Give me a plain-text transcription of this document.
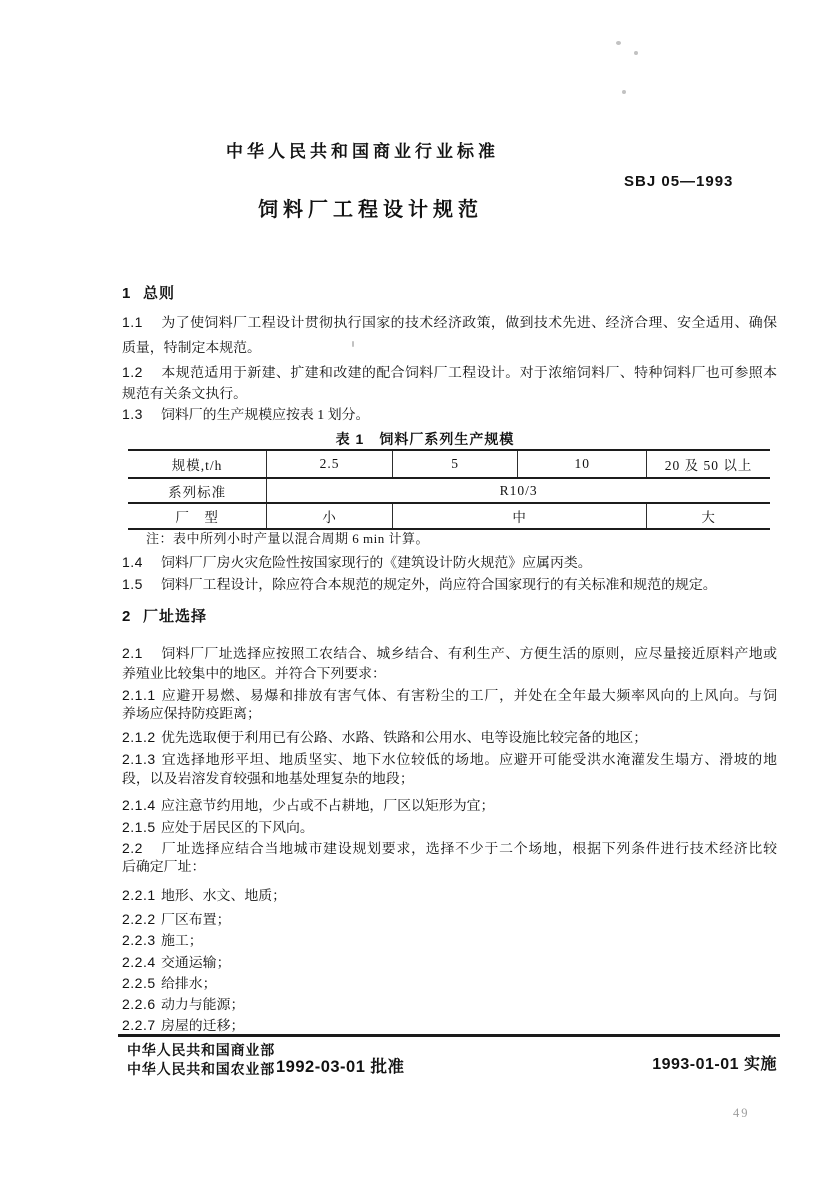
中华人民共和国商业行业标准
SBJ 05—1993
饲料厂工程设计规范
1 总则
1.1 为了使饲料厂工程设计贯彻执行国家的技术经济政策，做到技术先进、经济合理、安全适用、确保
质量，特制定本规范。
1.2 本规范适用于新建、扩建和改建的配合饲料厂工程设计。对于浓缩饲料厂、特种饲料厂也可参照本
规范有关条文执行。
1.3 饲料厂的生产规模应按表 1 划分。
表 1　饲料厂系列生产规模
规模,t/h	2.5	5	10	20 及 50 以上
系列标准	R10/3			
厂　型	小	中		大
注：表中所列小时产量以混合周期 6 min 计算。
1.4 饲料厂厂房火灾危险性按国家现行的《建筑设计防火规范》应属丙类。
1.5 饲料厂工程设计，除应符合本规范的规定外，尚应符合国家现行的有关标准和规范的规定。
2 厂址选择
2.1 饲料厂厂址选择应按照工农结合、城乡结合、有利生产、方便生活的原则，应尽量接近原料产地或
养殖业比较集中的地区。并符合下列要求：
2.1.1 应避开易燃、易爆和排放有害气体、有害粉尘的工厂，并处在全年最大频率风向的上风向。与饲
养场应保持防疫距离；
2.1.2 优先选取便于利用已有公路、水路、铁路和公用水、电等设施比较完备的地区；
2.1.3 宜选择地形平坦、地质坚实、地下水位较低的场地。应避开可能受洪水淹灌发生塌方、滑坡的地
段，以及岩溶发育较强和地基处理复杂的地段；
2.1.4 应注意节约用地，少占或不占耕地，厂区以矩形为宜；
2.1.5 应处于居民区的下风向。
2.2 厂址选择应结合当地城市建设规划要求，选择不少于二个场地，根据下列条件进行技术经济比较
后确定厂址：
2.2.1 地形、水文、地质；
2.2.2 厂区布置；
2.2.3 施工；
2.2.4 交通运输；
2.2.5 给排水；
2.2.6 动力与能源；
2.2.7 房屋的迁移；
中华人民共和国商业部
中华人民共和国农业部 1992-03-01 批准	1993-01-01 实施
49
